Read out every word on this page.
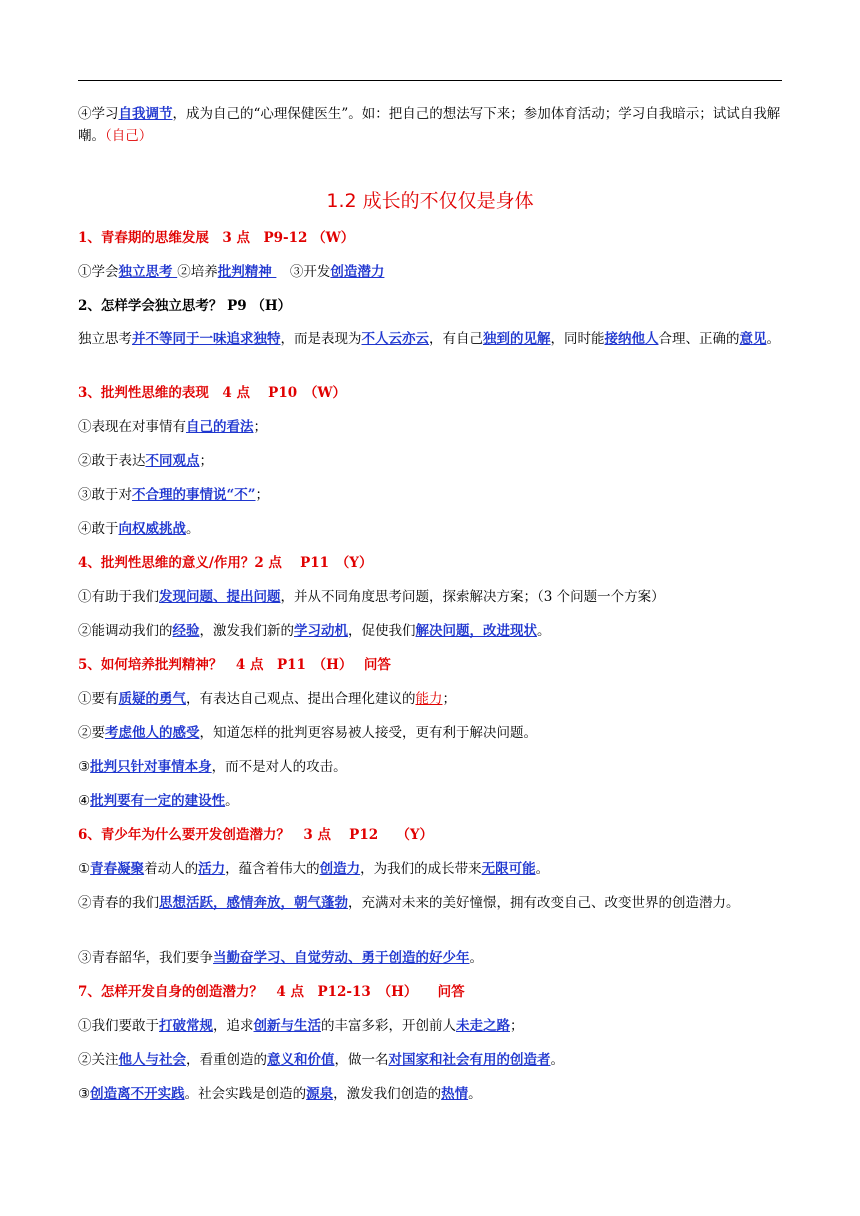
④学习自我调节，成为自己的“心理保健医生”。如：把自己的想法写下来；参加体育活动；学习自我暗示；试试自我解嘲。（自己）
1.2 成长的不仅仅是身体
1、青春期的思维发展　3 点　P9-12 （W）
①学会独立思考 ②培养批判精神 　③开发创造潜力
2、怎样学会独立思考？ P9 （H）
独立思考并不等同于一味追求独特，而是表现为不人云亦云，有自己独到的见解，同时能接纳他人合理、正确的意见。
3、批判性思维的表现　4 点　 P10　（W）
①表现在对事情有自己的看法；
②敢于表达不同观点；
③敢于对不合理的事情说“不”；
④敢于向权威挑战。
4、批判性思维的意义/作用？2 点　 P11　（Y）
①有助于我们发现问题、提出问题，并从不同角度思考问题，探索解决方案；（3 个问题一个方案）
②能调动我们的经验，激发我们新的学习动机，促使我们解决问题，改进现状。
5、如何培养批判精神？　4 点　P11　（H）　 问答
①要有质疑的勇气，有表达自己观点、提出合理化建议的能力；
②要考虑他人的感受，知道怎样的批判更容易被人接受，更有利于解决问题。
③批判只针对事情本身，而不是对人的攻击。
④批判要有一定的建设性。
6、青少年为什么要开发创造潜力？　3 点　 P12　 （Y）
①青春凝聚着动人的活力，蕴含着伟大的创造力，为我们的成长带来无限可能。
②青春的我们思想活跃，感情奔放，朝气蓬勃，充满对未来的美好憧憬，拥有改变自己、改变世界的创造潜力。
③青春韶华，我们要争当勤奋学习、自觉劳动、勇于创造的好少年。
7、怎样开发自身的创造潜力？　4 点　P12-13　（H）　　问答
①我们要敢于打破常规，追求创新与生活的丰富多彩，开创前人未走之路；
②关注他人与社会，看重创造的意义和价值，做一名对国家和社会有用的创造者。
③创造离不开实践。社会实践是创造的源泉，激发我们创造的热情。
